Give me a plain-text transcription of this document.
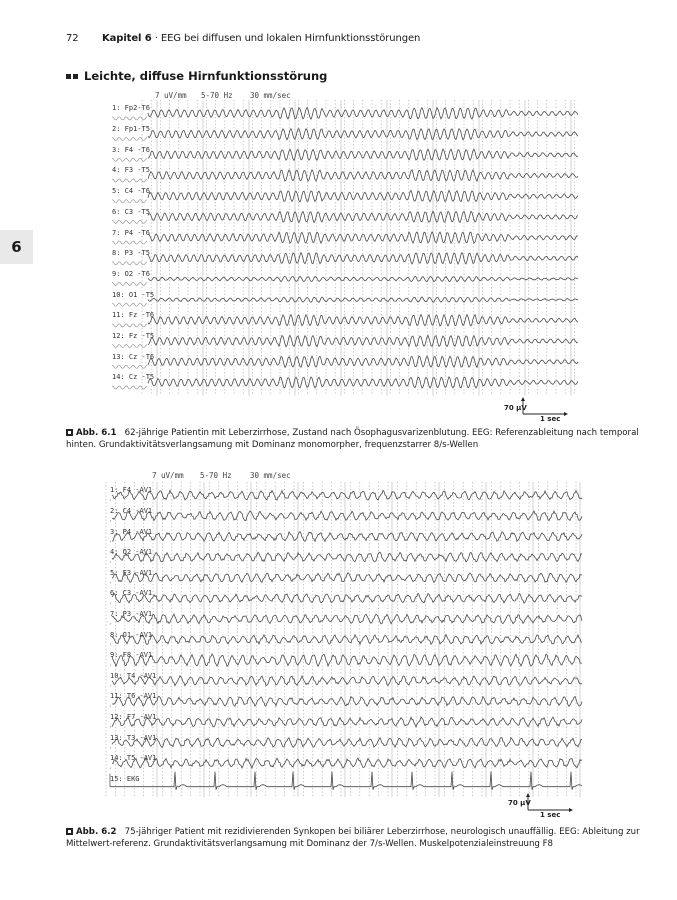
72 Kapitel 6 · EEG bei diffusen und lokalen Hirnfunktionsstörungen
6
Leichte, diffuse Hirnfunktionsstörung
7 uV/mm 5-70 Hz 30 mm/sec
70 µV
1 sec
1: Fp2-T6
2: Fp1-T5
3: F4 -T6
4: F3 -T5
5: C4 -T6
6: C3 -T5
7: P4 -T6
8: P3 -T5
9: O2 -T6
10: O1 -T5
11: Fz -T6
12: Fz -T5
13: Cz -T6
14: Cz -T5
Abb. 6.1 62-jährige Patientin mit Leberzirrhose, Zustand nach Ösophagusvarizenblutung. EEG: Referenzableitung nach temporal hinten. Grundaktivitätsverlangsamung mit Dominanz monomorpher, frequenzstarrer 8/s-Wellen
7 uV/mm 5-70 Hz 30 mm/sec
70 µV
1 sec
1: F4 -AV1
2: C4 -AV1
3: P4 -AV1
4: O2 -AV1
5: F3 -AV1
6: C3 -AV1
7: P3 -AV1
8: O1 -AV1
9: F8 -AV1
10: T4 -AV1
11: T6 -AV1
12: F7 -AV1
13: T3 -AV1
14: T5 -AV1
15: EKG
Abb. 6.2 75-jähriger Patient mit rezidivierenden Synkopen bei biliärer Leberzirrhose, neurologisch unauffällig. EEG: Ableitung zur Mittelwert-referenz. Grundaktivitätsverlangsamung mit Dominanz der 7/s-Wellen. Muskelpotenzialeinstreuung F8
